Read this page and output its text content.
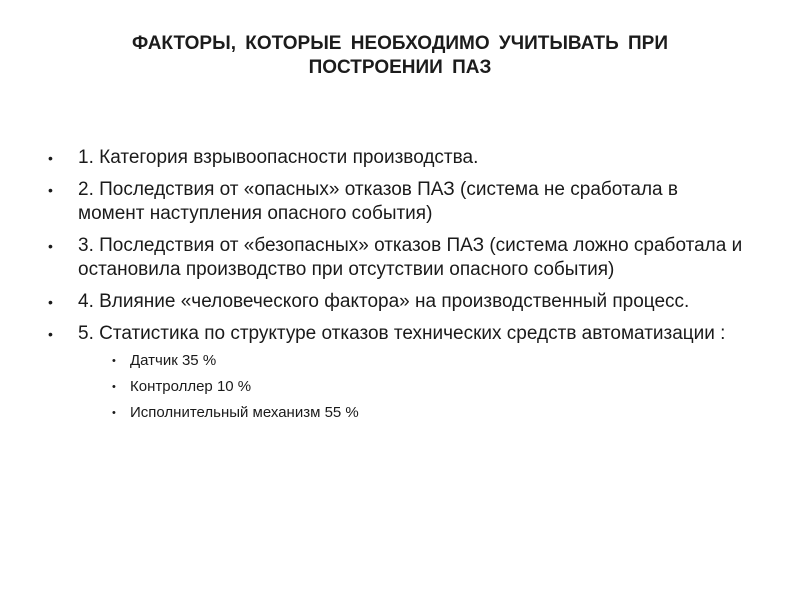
ФАКТОРЫ, КОТОРЫЕ НЕОБХОДИМО УЧИТЫВАТЬ ПРИ
ПОСТРОЕНИИ ПАЗ
• 1. Категория взрывоопасности производства.
• 2. Последствия от «опасных» отказов ПАЗ (система не сработала в момент наступления опасного события)
• 3. Последствия от «безопасных» отказов ПАЗ (система ложно сработала и остановила производство при отсутствии опасного события)
• 4. Влияние «человеческого фактора» на производственный процесс.
• 5. Статистика по структуре отказов технических средств автоматизации :
• Датчик 35 %
• Контроллер 10 %
• Исполнительный механизм 55 %
